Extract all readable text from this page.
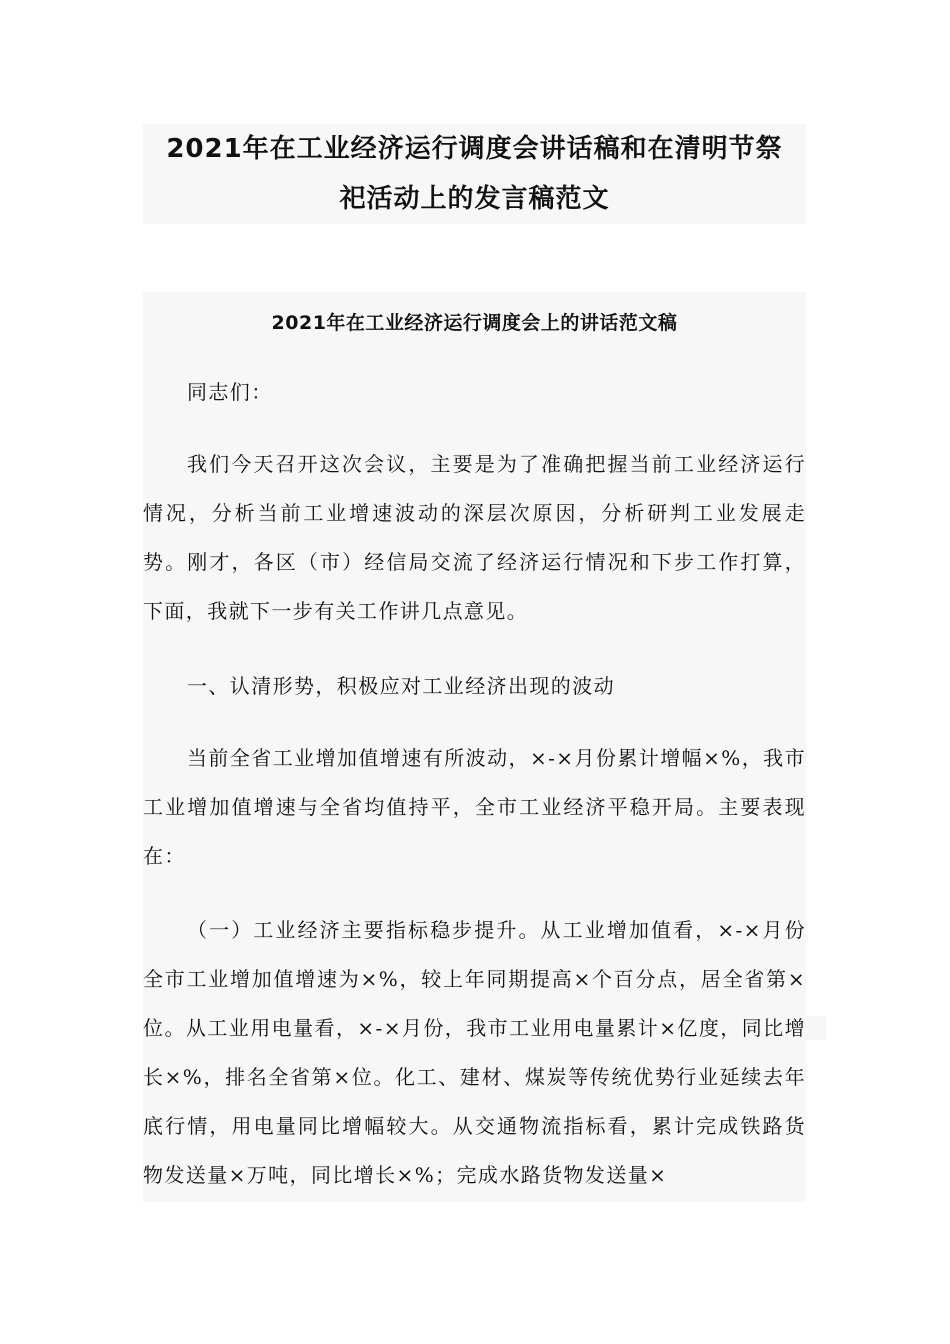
2021年在工业经济运行调度会讲话稿和在清明节祭
祀活动上的发言稿范文
2021年在工业经济运行调度会上的讲话范文稿

同志们：

我们今天召开这次会议，主要是为了准确把握当前工业经济运行情况，分析当前工业增速波动的深层次原因，分析研判工业发展走势。刚才，各区（市）经信局交流了经济运行情况和下步工作打算，下面，我就下一步有关工作讲几点意见。

一、认清形势，积极应对工业经济出现的波动

当前全省工业增加值增速有所波动，×-×月份累计增幅×%，我市工业增加值增速与全省均值持平，全市工业经济平稳开局。主要表现在：

（一）工业经济主要指标稳步提升。从工业增加值看，×-×月份全市工业增加值增速为×%，较上年同期提高×个百分点，居全省第×位。从工业用电量看，×-×月份，我市工业用电量累计×亿度，同比增长×%，排名全省第×位。化工、建材、煤炭等传统优势行业延续去年底行情，用电量同比增幅较大。从交通物流指标看，累计完成铁路货物发送量×万吨，同比增长×%；完成水路货物发送量×
